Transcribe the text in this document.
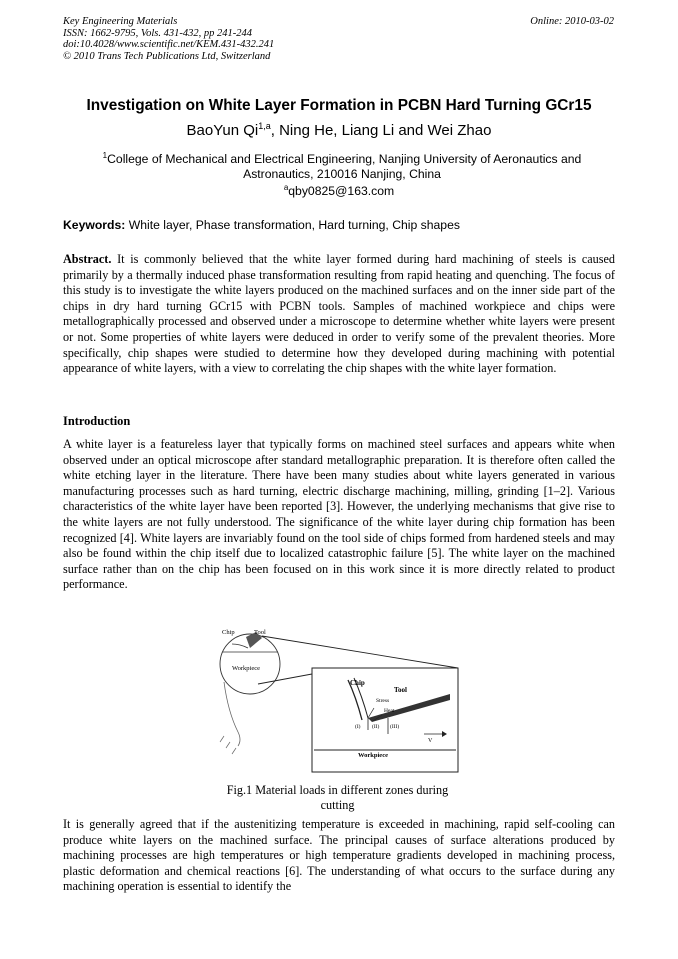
Key Engineering Materials
ISSN: 1662-9795, Vols. 431-432, pp 241-244
doi:10.4028/www.scientific.net/KEM.431-432.241
© 2010 Trans Tech Publications Ltd, Switzerland
Online: 2010-03-02
Investigation on White Layer Formation in PCBN Hard Turning GCr15
BaoYun Qi$^{1,a}$, Ning He, Liang Li and Wei Zhao
$^1$College of Mechanical and Electrical Engineering, Nanjing University of Aeronautics and Astronautics, 210016 Nanjing, China
$^a$qby0825@163.com
Keywords: White layer, Phase transformation, Hard turning, Chip shapes
Abstract. It is commonly believed that the white layer formed during hard machining of steels is caused primarily by a thermally induced phase transformation resulting from rapid heating and quenching. The focus of this study is to investigate the white layers produced on the machined surfaces and on the inner side part of the chips in dry hard turning GCr15 with PCBN tools. Samples of machined workpiece and chips were metallographically processed and observed under a microscope to determine whether white layers were present or not. Some properties of white layers were deduced in order to verify some of the prevalent theories. More specifically, chip shapes were studied to determine how they developed during machining with potential appearance of white layers, with a view to correlating the chip shapes with the white layer formation.
Introduction
A white layer is a featureless layer that typically forms on machined steel surfaces and appears white when observed under an optical microscope after standard metallographic preparation. It is therefore often called the white etching layer in the literature. There have been many studies about white layers generated in various manufacturing processes such as hard turning, electric discharge machining, milling, grinding [1–2]. Various characteristics of the white layer have been reported [3]. However, the underlying mechanisms that give rise to the white layers are not fully understood. The significance of the white layer during chip formation has been recognized [4]. White layers are invariably found on the tool side of chips formed from hardened steels and may also be found within the chip itself due to localized catastrophic failure [5]. The white layer on the machined surface rather than on the chip has been focused on in this work since it is more directly related to product performance.
Chip	Tool
Workpiece
Chip
Tool
Stress
Heat
(I) (II) (III)
Workpiece
V
Fig.1 Material loads in different zones during cutting
It is generally agreed that if the austenitizing temperature is exceeded in machining, rapid self-cooling can produce white layers on the machined surface. The principal causes of surface alterations produced by machining processes are high temperatures or high temperature gradients developed in machining process, plastic deformation and chemical reactions [6]. The understanding of what occurs to the surface during any machining operation is essential to identify the
